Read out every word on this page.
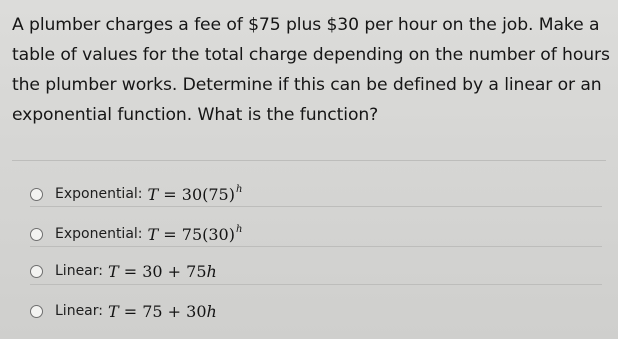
A plumber charges a fee of $75 plus $30 per hour on the job. Make a
table of values for the total charge depending on the number of hours
the plumber works. Determine if this can be defined by a linear or an
exponential function. What is the function?
Exponential: $T = 30(75)^h$
Exponential: $T = 75(30)^h$
Linear: T = 30 + 75h
Linear: T = 75 + 30h
